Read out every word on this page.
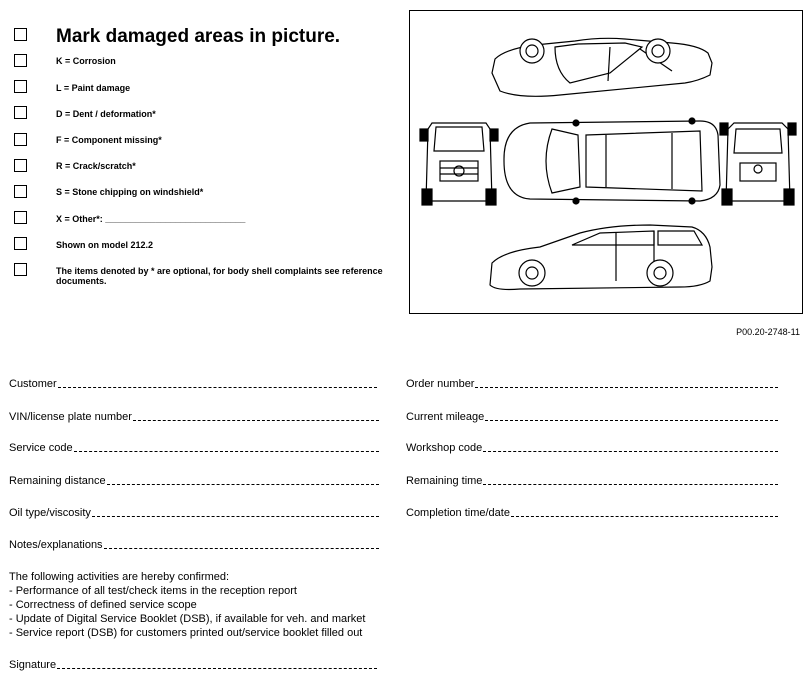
Mark damaged areas in picture.
K = Corrosion
L = Paint damage
D = Dent / deformation*
F = Component missing*
R = Crack/scratch*
S = Stone chipping on windshield*
X = Other*: ____________________________
Shown on model 212.2
The items denoted by * are optional, for body shell complaints see reference documents.
P00.20-2748-11
Customer
VIN/license plate number
Service code
Remaining distance
Oil type/viscosity
Notes/explanations
Order number
Current mileage
Workshop code
Remaining time
Completion time/date
The following activities are hereby confirmed:
- Performance of all test/check items in the reception report
- Correctness of defined service scope
- Update of Digital Service Booklet (DSB), if available for veh. and market
- Service report (DSB) for customers printed out/service booklet filled out
Signature
